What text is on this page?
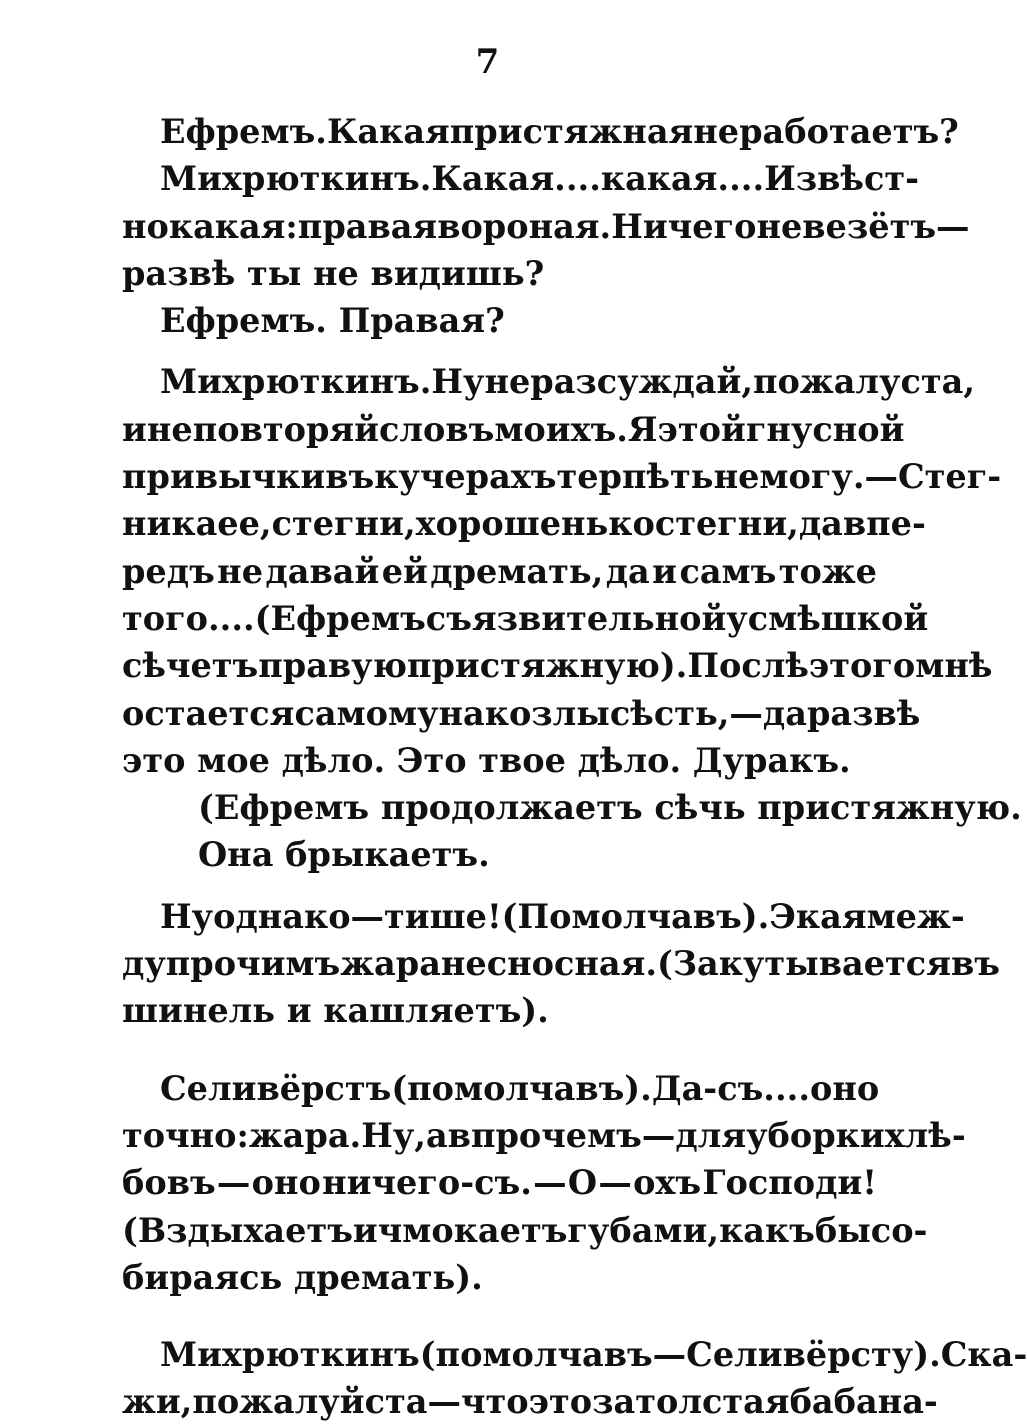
7
Ефремъ. Какая пристяжная не работаетъ?
Михрюткинъ. Какая. . . . какая. . . . Извѣст-
но какая: правая вороная. Ничего не везётъ—
развѣ
ты
не
видишь?
Ефремъ.
Правая?
Михрюткинъ. Ну неразсуждай, пожалуста,
и не повторяй словъ моихъ. Я этой гнусной
привычки въ кучерахъ терпѣть немогу.—Стег-
ни ка ее, стегни, хорошенько стегни, да впе-
редъ не давай ей дремать, да и самъ тоже
того. . . . (Ефремъ съ язвительной усмѣшкой
сѣчетъ правую пристяжную). Послѣ этого мнѣ
остается самому на козлы сѣсть, — да развѣ
это
мое
дѣло.
Это
твое
дѣло.
Дуракъ.
(Ефремъ
продолжаетъ
сѣчь
пристяжную.
Она
брыкаетъ.
Ну однако—тише! (Помолчавъ). Экая меж-
ду прочимъ жара несносная. (Закутывается въ
шинель
и
кашляетъ).
Селивёрстъ (помолчавъ). Да-съ. . . . оно
точно: жара. Ну, а впрочемъ—для уборки хлѣ-
бовъ — оно ничего-съ. — О — охъ Господи!
(Вздыхаетъ и чмокаетъ губами , какъ бы со-
бираясь
дремать).
Михрюткинъ (помолчавъ—Селивёрсту). Ска-
жи, пожалуйста—что это затолстая баба на-
